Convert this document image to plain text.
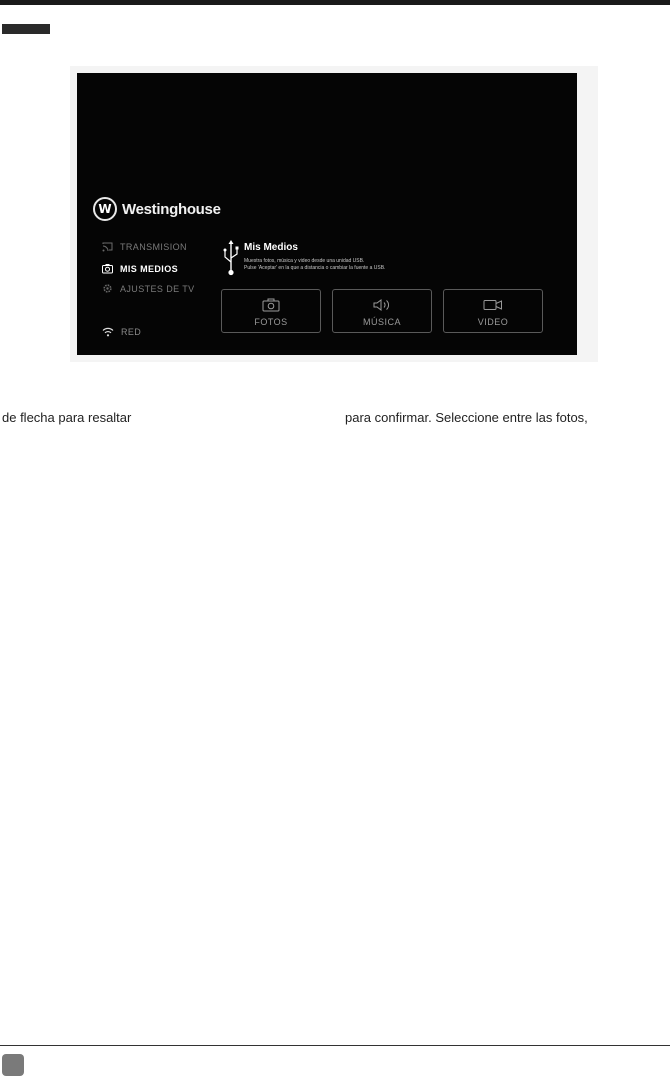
W Westinghouse
TRANSMISION
MIS MEDIOS
AJUSTES DE TV
RED
Mis Medios
Muestra fotos, música y video desde una unidad USB.
Pulse 'Aceptar' en la que a distancia o cambiar la fuente a USB.
FOTOS	MÚSICA	VIDEO
de flecha para resaltar	para confirmar. Seleccione entre las fotos,
